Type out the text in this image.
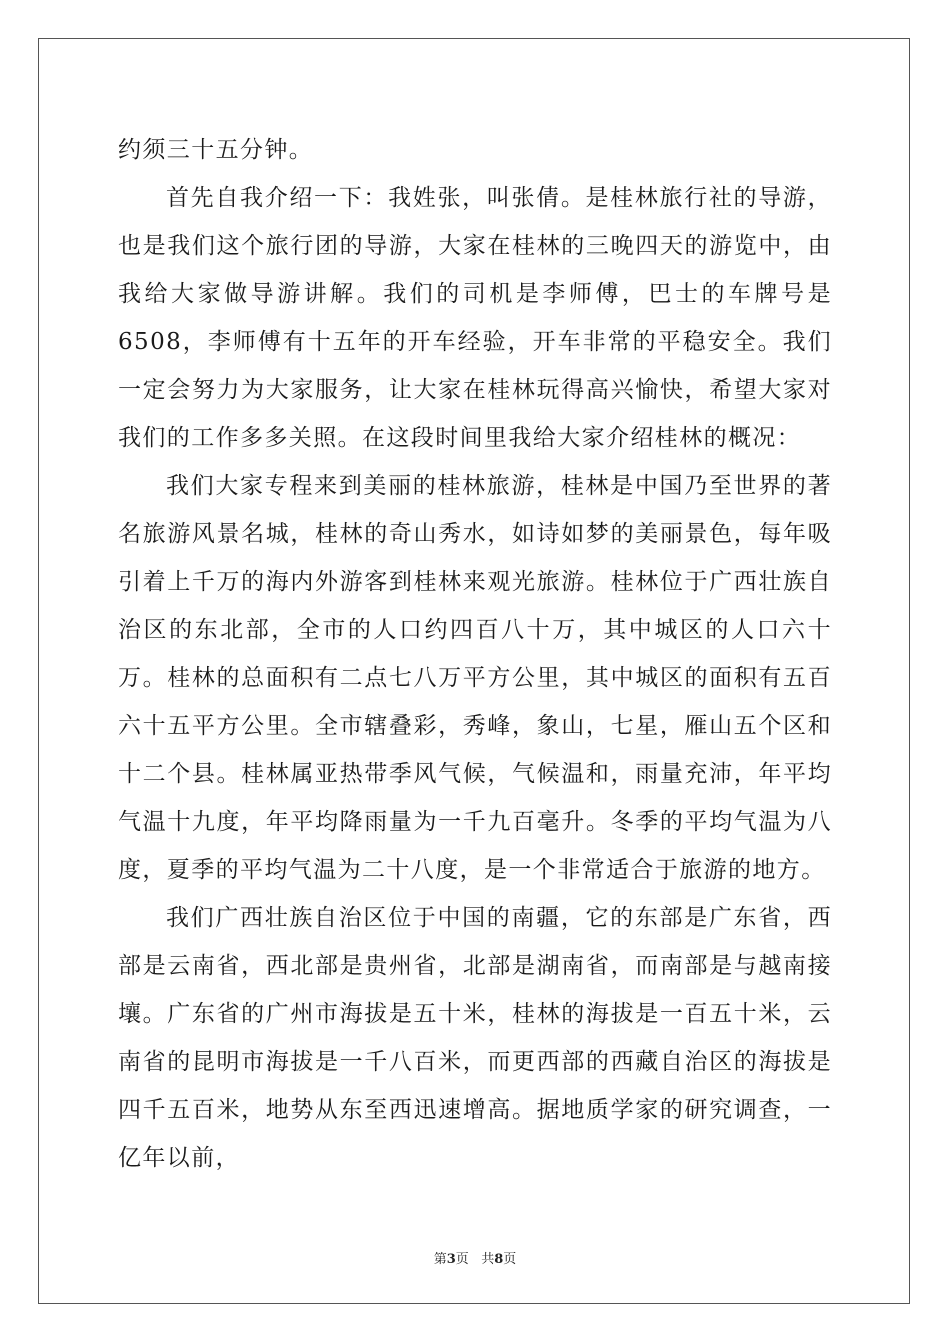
约须三十五分钟。

首先自我介绍一下：我姓张，叫张倩。是桂林旅行社的导游，也是我们这个旅行团的导游，大家在桂林的三晚四天的游览中，由我给大家做导游讲解。我们的司机是李师傅，巴士的车牌号是6508，李师傅有十五年的开车经验，开车非常的平稳安全。我们一定会努力为大家服务，让大家在桂林玩得高兴愉快，希望大家对我们的工作多多关照。在这段时间里我给大家介绍桂林的概况：

我们大家专程来到美丽的桂林旅游，桂林是中国乃至世界的著名旅游风景名城，桂林的奇山秀水，如诗如梦的美丽景色，每年吸引着上千万的海内外游客到桂林来观光旅游。桂林位于广西壮族自治区的东北部，全市的人口约四百八十万，其中城区的人口六十万。桂林的总面积有二点七八万平方公里，其中城区的面积有五百六十五平方公里。全市辖叠彩，秀峰，象山，七星，雁山五个区和十二个县。桂林属亚热带季风气候，气候温和，雨量充沛，年平均气温十九度，年平均降雨量为一千九百毫升。冬季的平均气温为八度，夏季的平均气温为二十八度，是一个非常适合于旅游的地方。

我们广西壮族自治区位于中国的南疆，它的东部是广东省，西部是云南省，西北部是贵州省，北部是湖南省，而南部是与越南接壤。广东省的广州市海拔是五十米，桂林的海拔是一百五十米，云南省的昆明市海拔是一千八百米，而更西部的西藏自治区的海拔是四千五百米，地势从东至西迅速增高。据地质学家的研究调查，一亿年以前，

第3页 共8页
